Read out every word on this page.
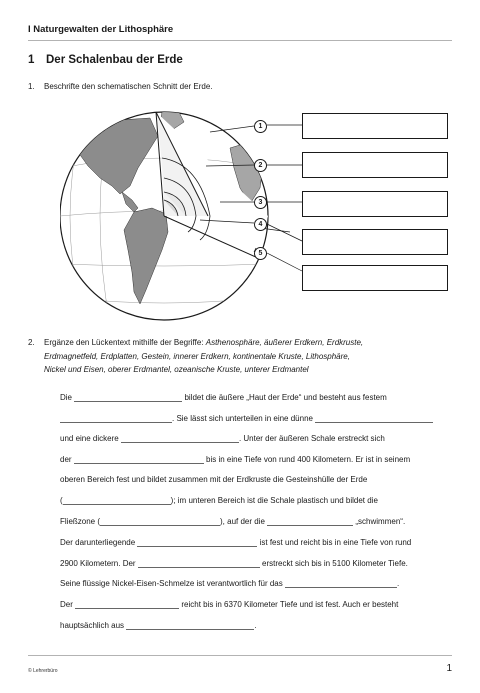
I Naturgewalten der Lithosphäre
1 Der Schalenbau der Erde
1. Beschrifte den schematischen Schnitt der Erde.
1
2
3
4
5
2. Ergänze den Lückentext mithilfe der Begriffe: Asthenosphäre, äußerer Erdkern, Erdkruste,
Erdmagnetfeld, Erdplatten, Gestein, innerer Erdkern, kontinentale Kruste, Lithosphäre,
Nickel und Eisen, oberer Erdmantel, ozeanische Kruste, unterer Erdmantel
Die	bildet die äußere „Haut der Erde“ und besteht aus festem
. Sie lässt sich unterteilen in eine dünne
und eine dickere	. Unter der äußeren Schale erstreckt sich
der	bis in eine Tiefe von rund 400 Kilometern. Er ist in seinem
oberen Bereich fest und bildet zusammen mit der Erdkruste die Gesteinshülle der Erde
(	); im unteren Bereich ist die Schale plastisch und bildet die
Fließzone (	), auf der die	„schwimmen“.
Der darunterliegende	ist fest und reicht bis in eine Tiefe von rund
2900 Kilometern. Der	erstreckt sich bis in 5100 Kilometer Tiefe.
Seine flüssige Nickel-Eisen-Schmelze ist verantwortlich für das	.
Der	reicht bis in 6370 Kilometer Tiefe und ist fest. Auch er besteht
hauptsächlich aus	.
© Lehrerbüro	1
